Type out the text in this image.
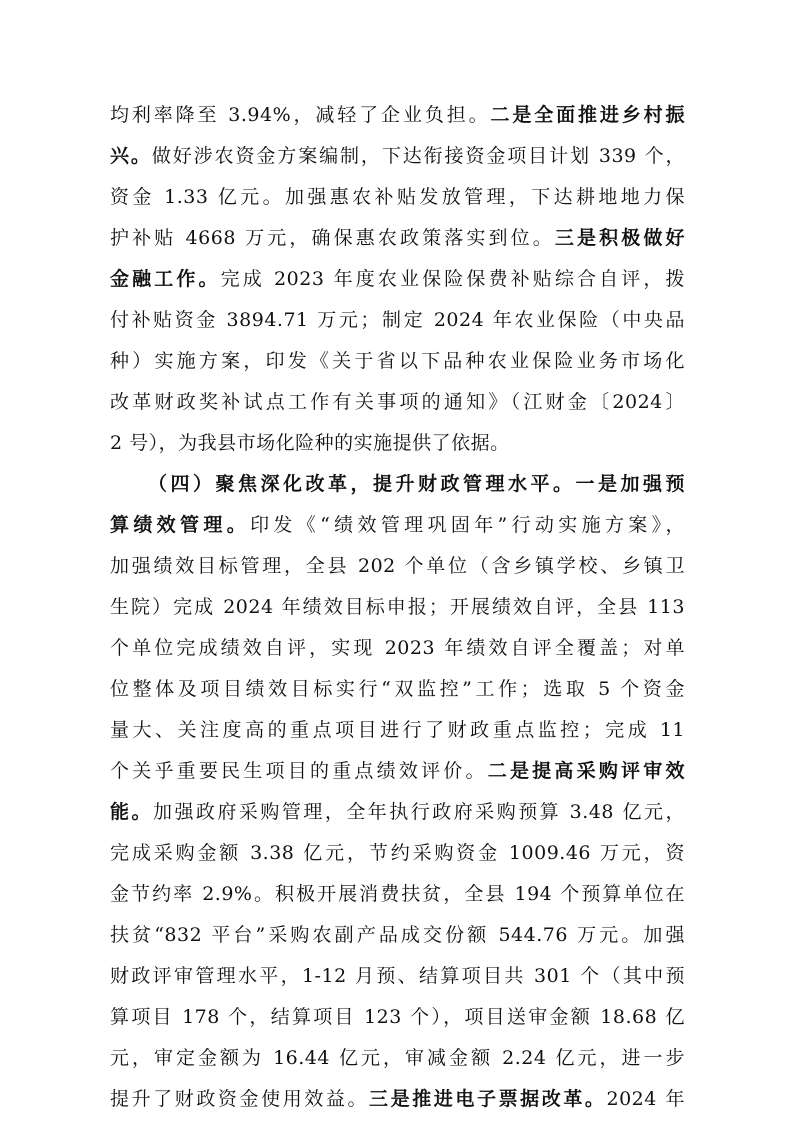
均利率降至 3.94%，减轻了企业负担。二是全面推进乡村振
兴。做好涉农资金方案编制，下达衔接资金项目计划 339 个，
资金 1.33 亿元。加强惠农补贴发放管理，下达耕地地力保
护补贴 4668 万元，确保惠农政策落实到位。三是积极做好
金融工作。完成 2023 年度农业保险保费补贴综合自评，拨
付补贴资金 3894.71 万元；制定 2024 年农业保险（中央品
种）实施方案，印发《关于省以下品种农业保险业务市场化
改革财政奖补试点工作有关事项的通知》（江财金〔2024〕
2 号），为我县市场化险种的实施提供了依据。
（四）聚焦深化改革，提升财政管理水平。一是加强预
算绩效管理。印发《“绩效管理巩固年”行动实施方案》，
加强绩效目标管理，全县 202 个单位（含乡镇学校、乡镇卫
生院）完成 2024 年绩效目标申报；开展绩效自评，全县 113
个单位完成绩效自评，实现 2023 年绩效自评全覆盖；对单
位整体及项目绩效目标实行“双监控”工作；选取 5 个资金
量大、关注度高的重点项目进行了财政重点监控；完成 11
个关乎重要民生项目的重点绩效评价。二是提高采购评审效
能。加强政府采购管理，全年执行政府采购预算 3.48 亿元，
完成采购金额 3.38 亿元，节约采购资金 1009.46 万元，资
金节约率 2.9%。积极开展消费扶贫，全县 194 个预算单位在
扶贫“832 平台”采购农副产品成交份额 544.76 万元。加强
财政评审管理水平，1-12 月预、结算项目共 301 个（其中预
算项目 178 个，结算项目 123 个），项目送审金额 18.68 亿
元，审定金额为 16.44 亿元，审减金额 2.24 亿元，进一步
提升了财政资金使用效益。三是推进电子票据改革。2024 年
